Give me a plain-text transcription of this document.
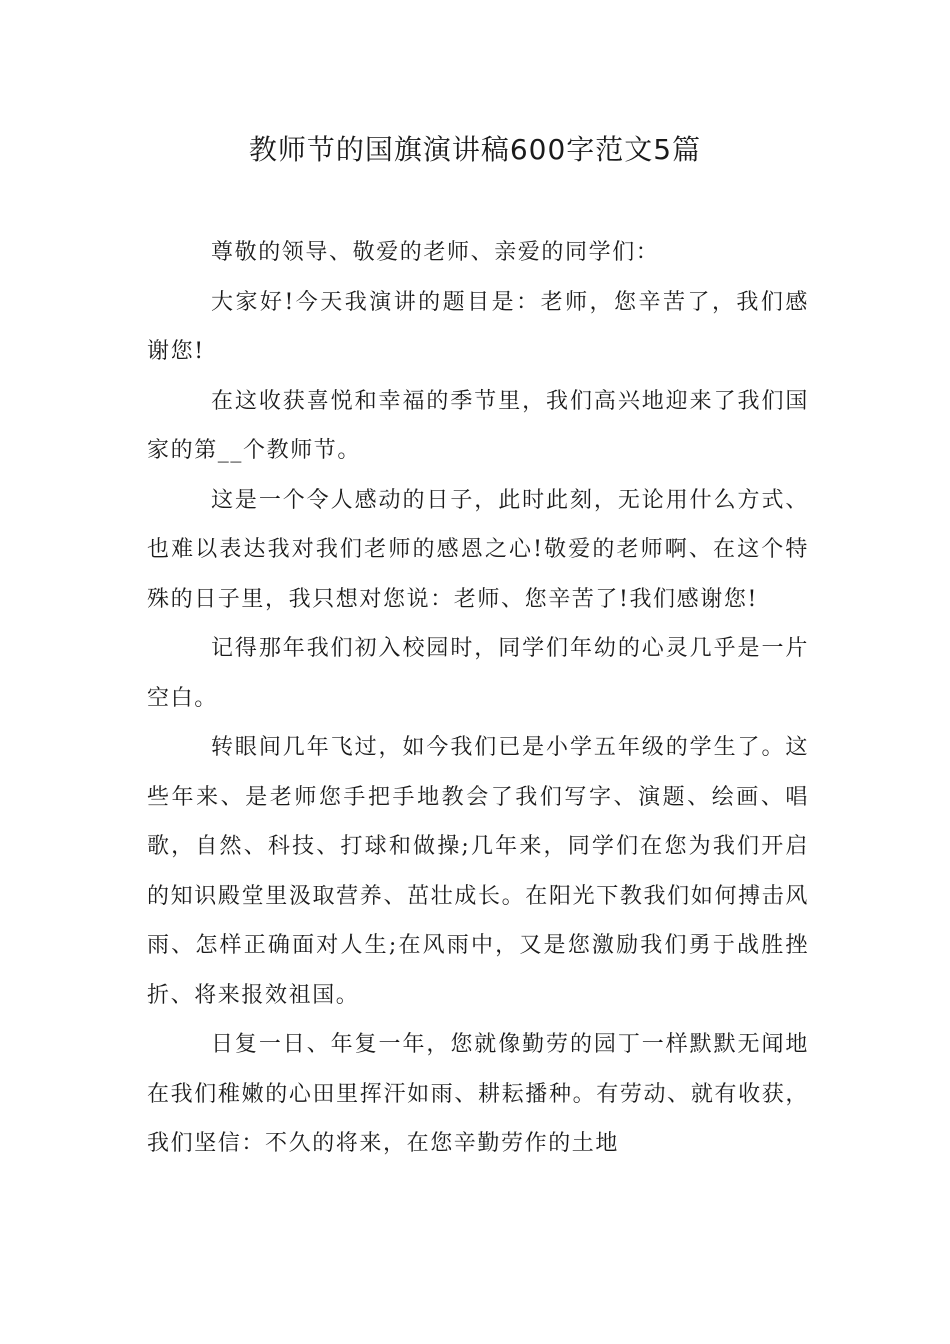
教师节的国旗演讲稿600字范文5篇

尊敬的领导、敬爱的老师、亲爱的同学们：

大家好!今天我演讲的题目是：老师，您辛苦了，我们感谢您!

在这收获喜悦和幸福的季节里，我们高兴地迎来了我们国家的第__个教师节。

这是一个令人感动的日子，此时此刻，无论用什么方式、也难以表达我对我们老师的感恩之心!敬爱的老师啊、在这个特殊的日子里，我只想对您说：老师、您辛苦了!我们感谢您!

记得那年我们初入校园时，同学们年幼的心灵几乎是一片空白。

转眼间几年飞过，如今我们已是小学五年级的学生了。这些年来、是老师您手把手地教会了我们写字、演题、绘画、唱歌，自然、科技、打球和做操;几年来，同学们在您为我们开启的知识殿堂里汲取营养、茁壮成长。在阳光下教我们如何搏击风雨、怎样正确面对人生;在风雨中，又是您激励我们勇于战胜挫折、将来报效祖国。

日复一日、年复一年，您就像勤劳的园丁一样默默无闻地在我们稚嫩的心田里挥汗如雨、耕耘播种。有劳动、就有收获，我们坚信：不久的将来，在您辛勤劳作的土地
